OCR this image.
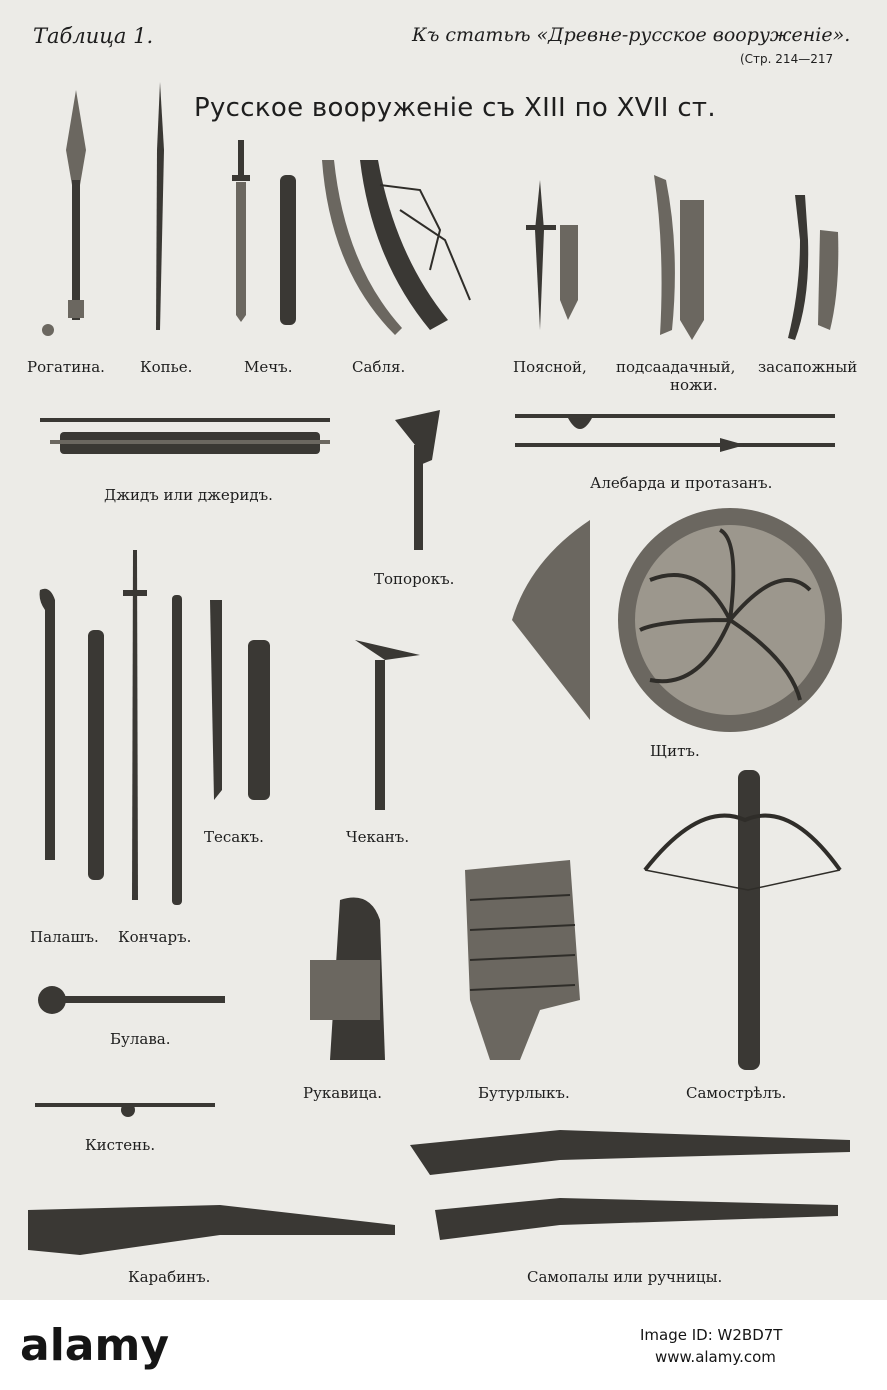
Таблица 1.	Къ статьѣ «Древне-русское вооруженіе».
(Стр. 214—217
Русское вооруженіе съ XIII по XVII ст.
Рогатина. Копье.	Мечъ.	Сабля.	Поясной, подсаадачный,
ножи.
засапожный
Джидъ или джеридъ.
Алебарда и протазанъ.
Топорокъ.
Щитъ.
Тесакъ.	Чеканъ.
Палашъ. Кончаръ.
Булава.
Рукавица.	Бутурлыкъ.	Самострѣлъ.
Кистень.
Карабинъ.	Самопалы или ручницы.
alamy	Image ID: W2BD7T
www.alamy.com
